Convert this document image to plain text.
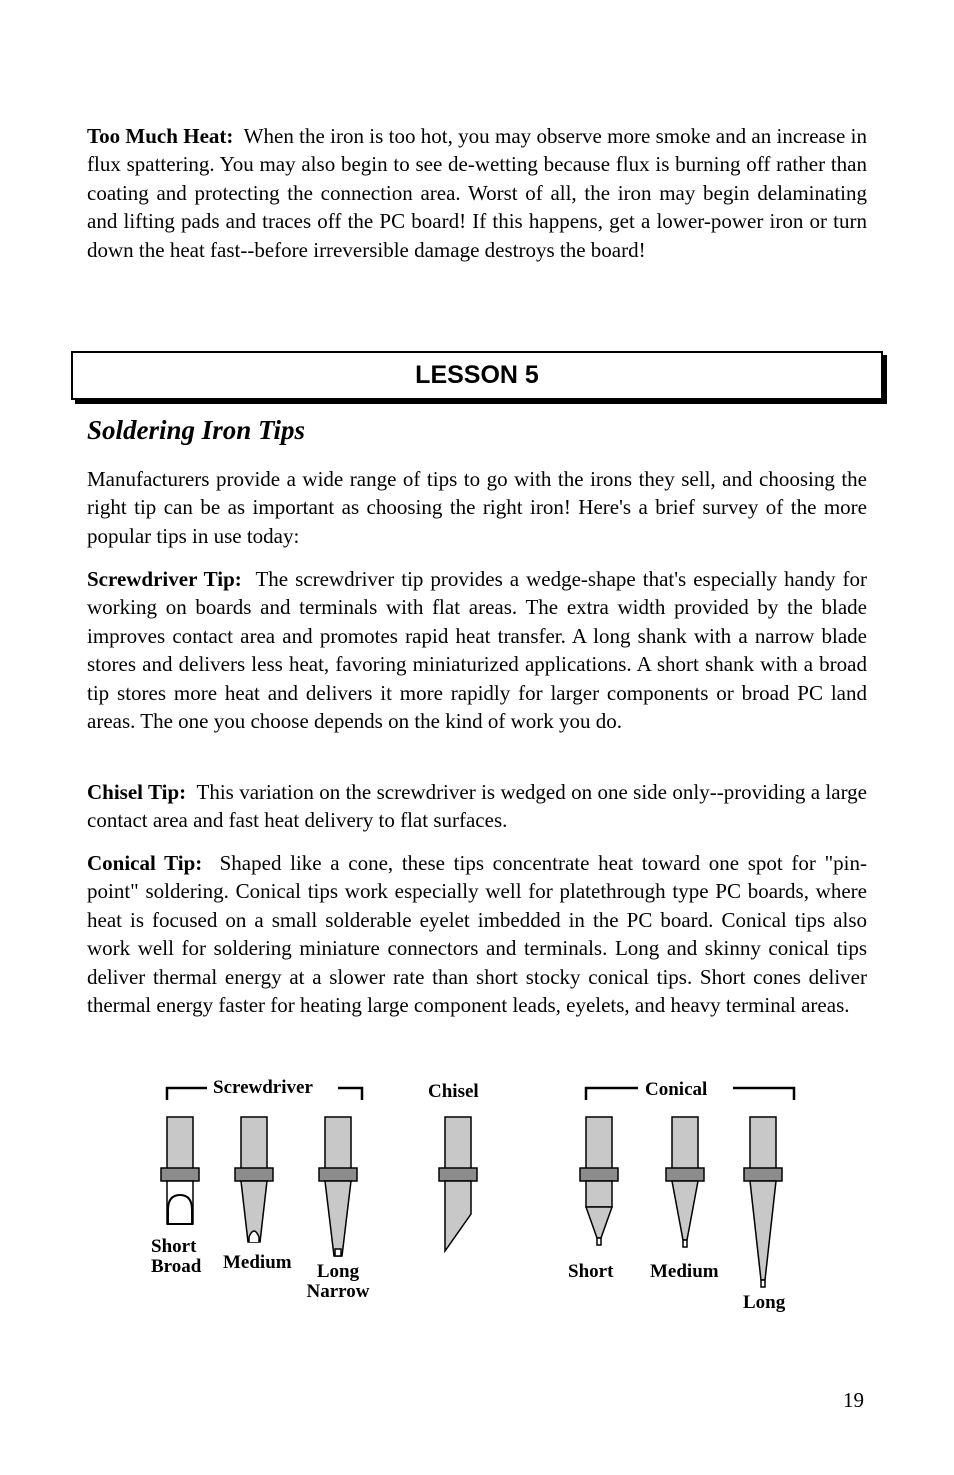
Too Much Heat: When the iron is too hot, you may observe more smoke and an increase in flux spattering. You may also begin to see de-wetting because flux is burning off rather than coating and protecting the connection area. Worst of all, the iron may begin delaminating and lifting pads and traces off the PC board! If this happens, get a lower-power iron or turn down the heat fast--before irreversible damage destroys the board!

LESSON 5
Soldering Iron Tips

Manufacturers provide a wide range of tips to go with the irons they sell, and choosing the right tip can be as important as choosing the right iron! Here's a brief survey of the more popular tips in use today:

Screwdriver Tip: The screwdriver tip provides a wedge-shape that's especially handy for working on boards and terminals with flat areas. The extra width provided by the blade improves contact area and promotes rapid heat transfer. A long shank with a narrow blade stores and delivers less heat, favoring miniaturized applications. A short shank with a broad tip stores more heat and delivers it more rapidly for larger components or broad PC land areas. The one you choose depends on the kind of work you do.

Chisel Tip: This variation on the screwdriver is wedged on one side only--providing a large contact area and fast heat delivery to flat surfaces.

Conical Tip: Shaped like a cone, these tips concentrate heat toward one spot for "pin-point" soldering. Conical tips work especially well for platethrough type PC boards, where heat is focused on a small solderable eyelet imbedded in the PC board. Conical tips also work well for soldering miniature connectors and terminals. Long and skinny conical tips deliver thermal energy at a slower rate than short stocky conical tips. Short cones deliver thermal energy faster for heating large component leads, eyelets, and heavy terminal areas.

Screwdriver	Chisel	Conical
Short Broad	Medium	Long Narrow
Short Medium
Long
19
